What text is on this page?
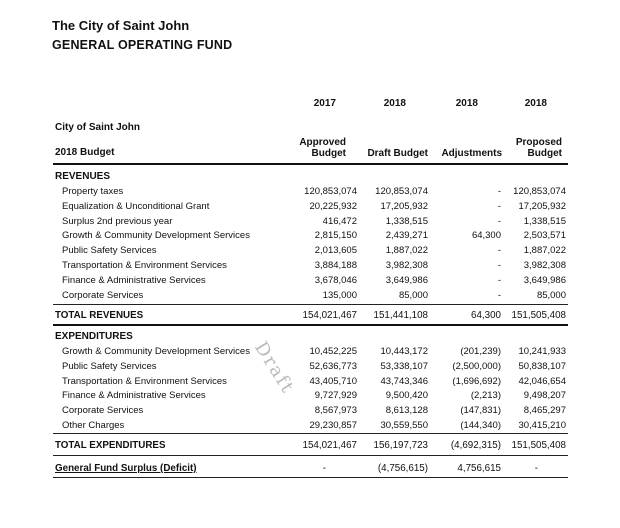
The City of Saint John
GENERAL OPERATING FUND
2017	2018	2018	2018
City of Saint John
2018 Budget
Approved
Budget	Draft Budget	Adjustments
Proposed
Budget
REVENUES
Property taxes	120,853,074 120,853,074	- 120,853,074
Equalization & Unconditional Grant	20,225,932 17,205,932	- 17,205,932
Surplus 2nd previous year	416,472	1,338,515	- 1,338,515
Growth & Community Development Services	2,815,150	2,439,271	64,300 2,503,571
Public Safety Services	2,013,605	1,887,022	- 1,887,022
Transportation & Environment Services	3,884,188	3,982,308	- 3,982,308
Finance & Administrative Services	3,678,046	3,649,986	- 3,649,986
Corporate Services	135,000	85,000	-	85,000
TOTAL REVENUES	154,021,467 151,441,108	64,300 151,505,408
EXPENDITURES
Growth & Community Development Services	10,452,225 10,443,172	(201,239) 10,241,933
Public Safety Services	52,636,773 53,338,107	(2,500,000) 50,838,107
Transportation & Environment Services	43,405,710 43,743,346	(1,696,692) 42,046,654
Finance & Administrative Services	9,727,929	9,500,420	(2,213) 9,498,207
Corporate Services	8,567,973	8,613,128	(147,831) 8,465,297
Other Charges	29,230,857 30,559,550	(144,340) 30,415,210
TOTAL EXPENDITURES	154,021,467 156,197,723 (4,692,315) 151,505,408
General Fund Surplus (Deficit)	-	(4,756,615)	4,756,615	-
Draft
